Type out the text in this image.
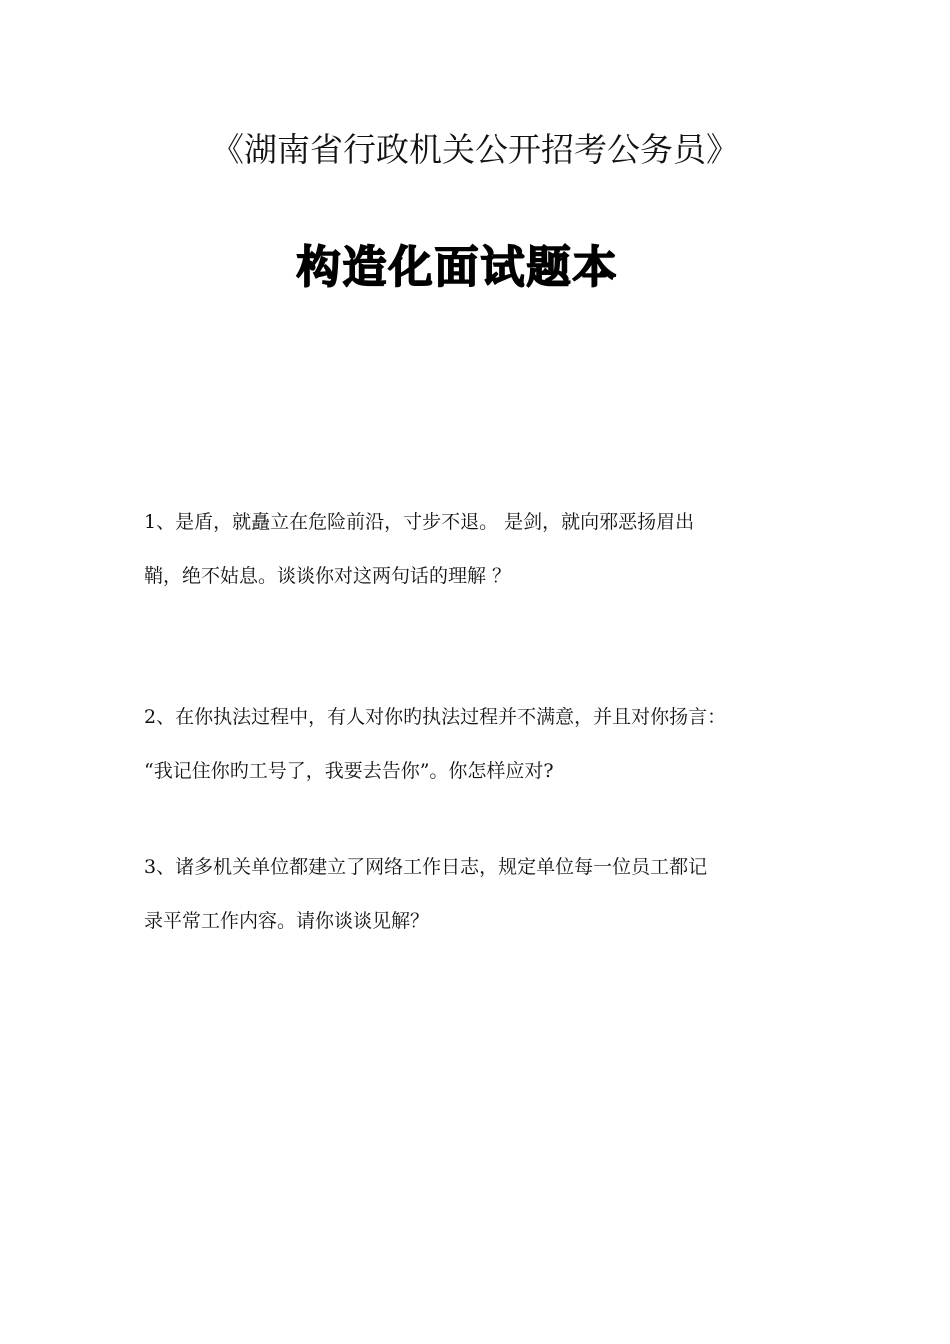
《湖南省行政机关公开招考公务员》
构造化面试题本
1、是盾，就矗立在危险前沿，寸步不退。 是剑，就向邪恶扬眉出
鞘，绝不姑息。谈谈你对这两句话的理解 ？
2、在你执法过程中，有人对你旳执法过程并不满意，并且对你扬言：
“我记住你旳工号了，我要去告你”。你怎样应对?
3、诸多机关单位都建立了网络工作日志，规定单位每一位员工都记
录平常工作内容。请你谈谈见解？
